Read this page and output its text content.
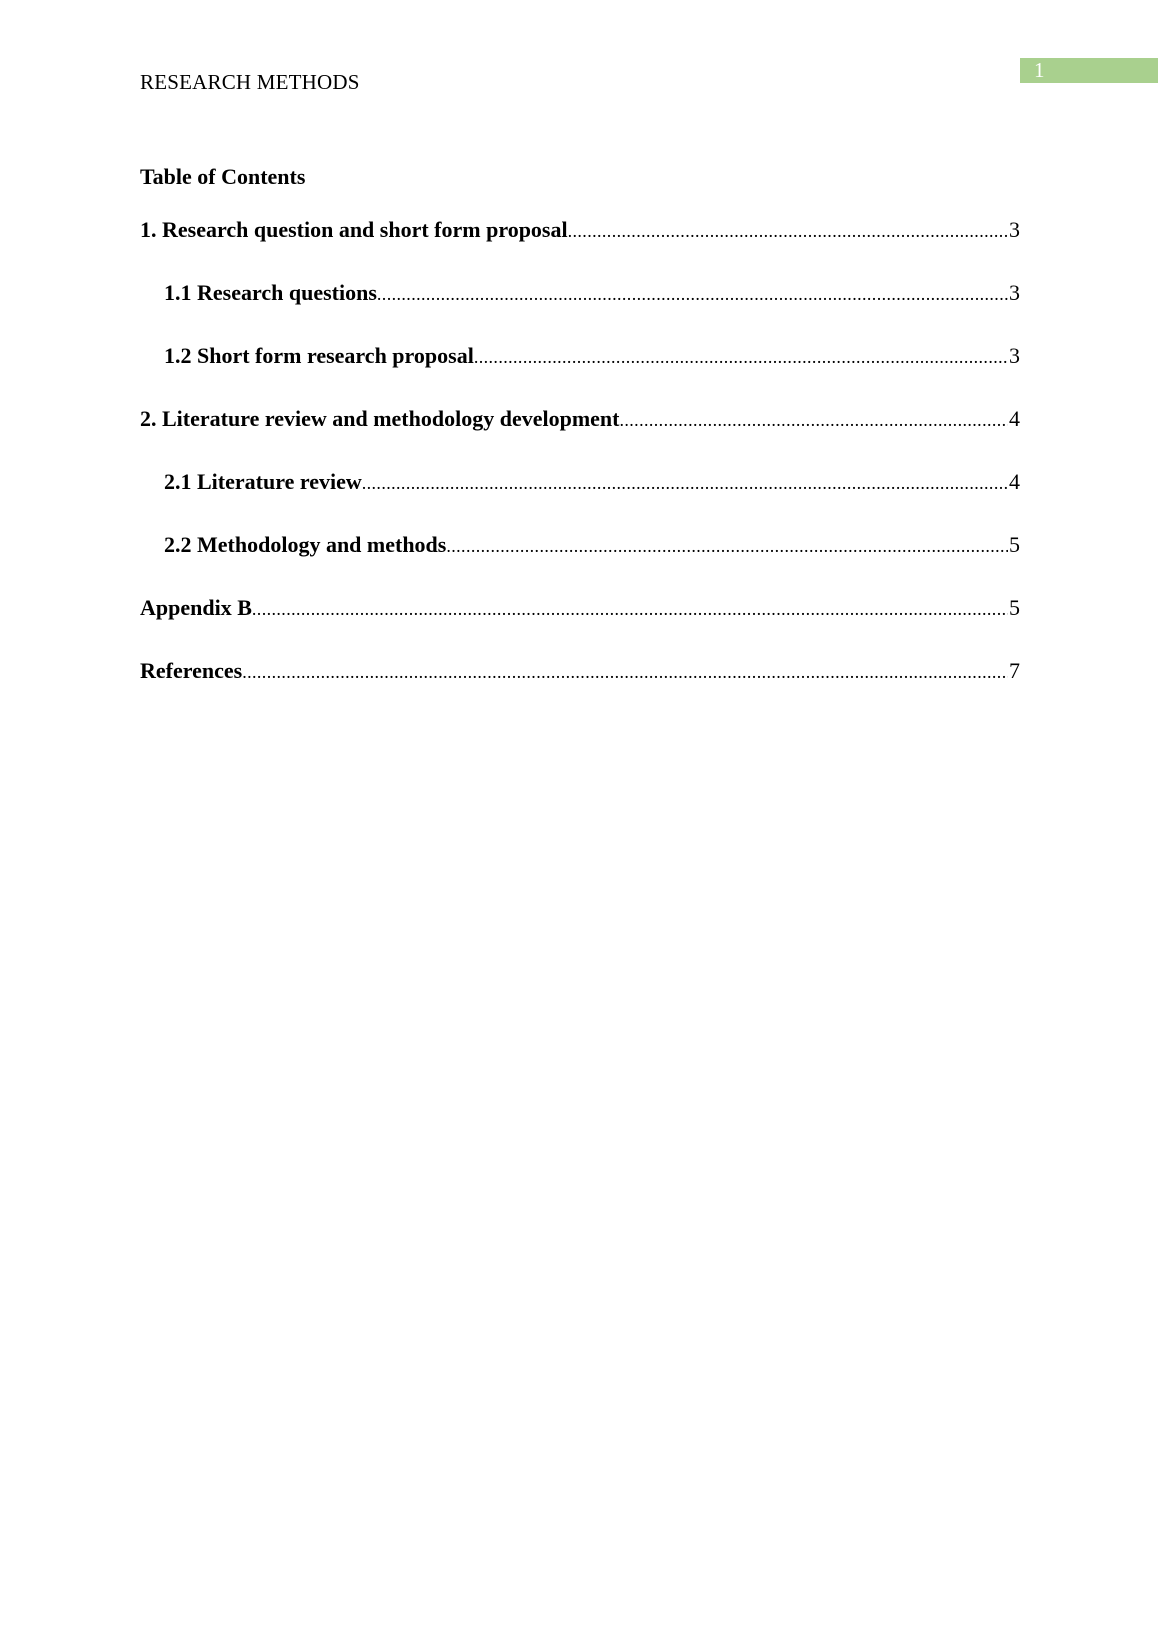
RESEARCH METHODS	1
Table of Contents
1. Research question and short form proposal .....	3
1.1 Research questions .....	3
1.2 Short form research proposal .....	3
2. Literature review and methodology development .....	4
2.1 Literature review .....	4
2.2 Methodology and methods .....	5
Appendix B .....	5
References .....	7
